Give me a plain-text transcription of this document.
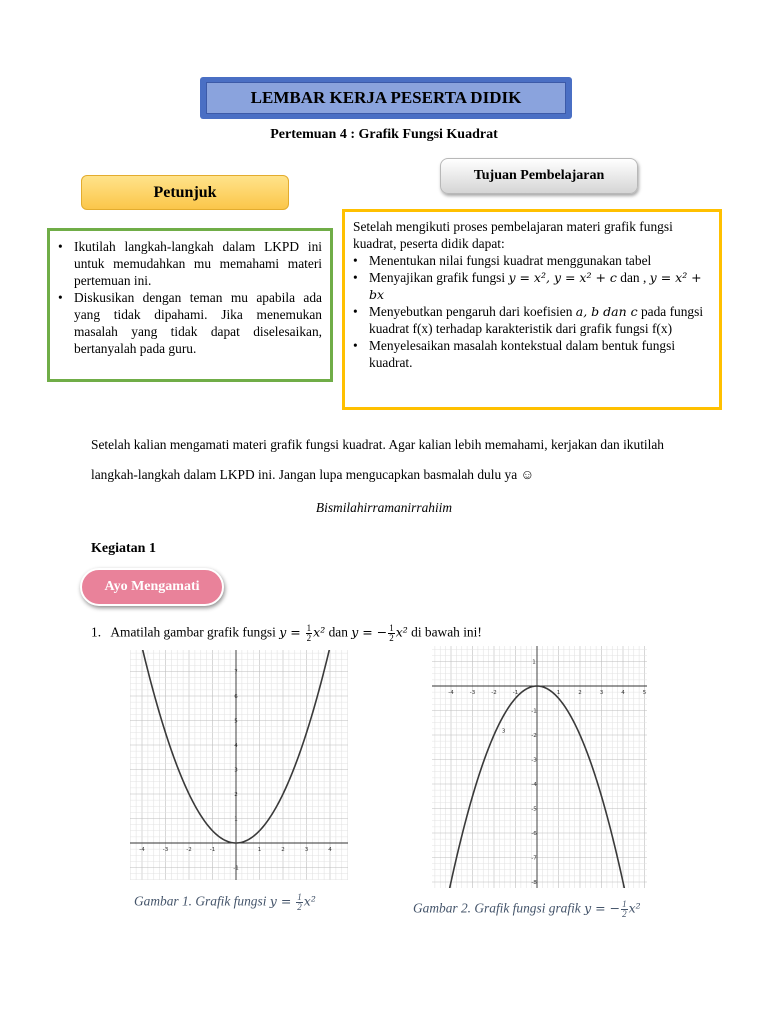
LEMBAR KERJA PESERTA DIDIK
Pertemuan 4 : Grafik Fungsi Kuadrat
Tujuan Pembelajaran
Petunjuk
• Ikutilah langkah-langkah dalam LKPD ini untuk memudahkan mu memahami materi pertemuan ini.
• Diskusikan dengan teman mu apabila ada yang tidak dipahami. Jika menemukan masalah yang tidak dapat diselesaikan, bertanyalah pada guru.
Setelah mengikuti proses pembelajaran materi grafik fungsi kuadrat, peserta didik dapat:
• Menentukan nilai fungsi kuadrat menggunakan tabel
• Menyajikan grafik fungsi y = x², y = x² + c dan , y = x² + bx
• Menyebutkan pengaruh dari koefisien a, b dan c pada fungsi kuadrat f(x) terhadap karakteristik dari grafik fungsi f(x)
• Menyelesaikan masalah kontekstual dalam bentuk fungsi kuadrat.
Setelah kalian mengamati materi grafik fungsi kuadrat. Agar kalian lebih memahami, kerjakan dan ikutilah langkah-langkah dalam LKPD ini. Jangan lupa mengucapkan basmalah dulu ya ☺
Bismilahirramanirrahiim
Kegiatan 1
Ayo Mengamati
1. Amatilah gambar grafik fungsi $y = \frac{1}{2} x^2$ dan y = − $\frac{1}{2} x^2$ di bawah ini!
-4	-3	-2	-1	1	2	3	4
-1
1
2
3
4
5
6
7
-4	-3	-2	-1	1	2	3	4	5
1
-1
-2
-3
-4
-5
-6
-7
-8
3
Gambar 1. Grafik fungsi $y = \frac{1}{2} x^2$	Gambar 2. Grafik fungsi grafik y = − $\frac{1}{2} x^2$
